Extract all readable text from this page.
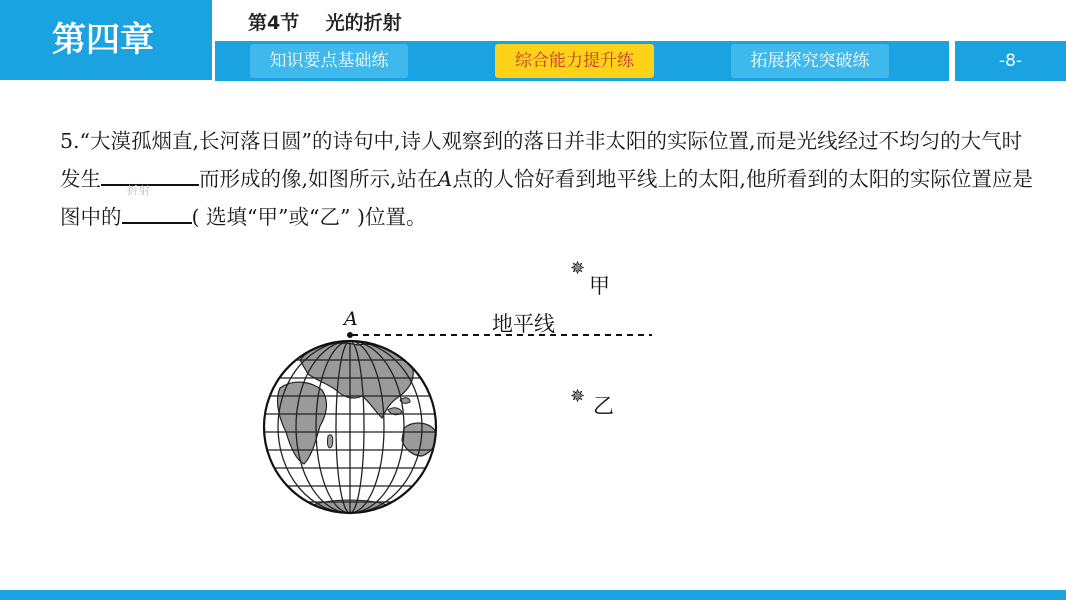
第四章	第4节    光的折射
知识要点基础练	综合能力提升练	拓展探究突破练	-8-
5.“大漠孤烟直,长河落日圆”的诗句中,诗人观察到的落日并非太阳的实际位置,而是光线经过不均匀的大气时发生 折射 而形成的像,如图所示,站在A点的人恰好看到地平线上的太阳,他所看到的太阳的实际位置应是图中的	( 选填“甲”或“乙” )位置。
A	地平线
✵
甲
✵ 乙
